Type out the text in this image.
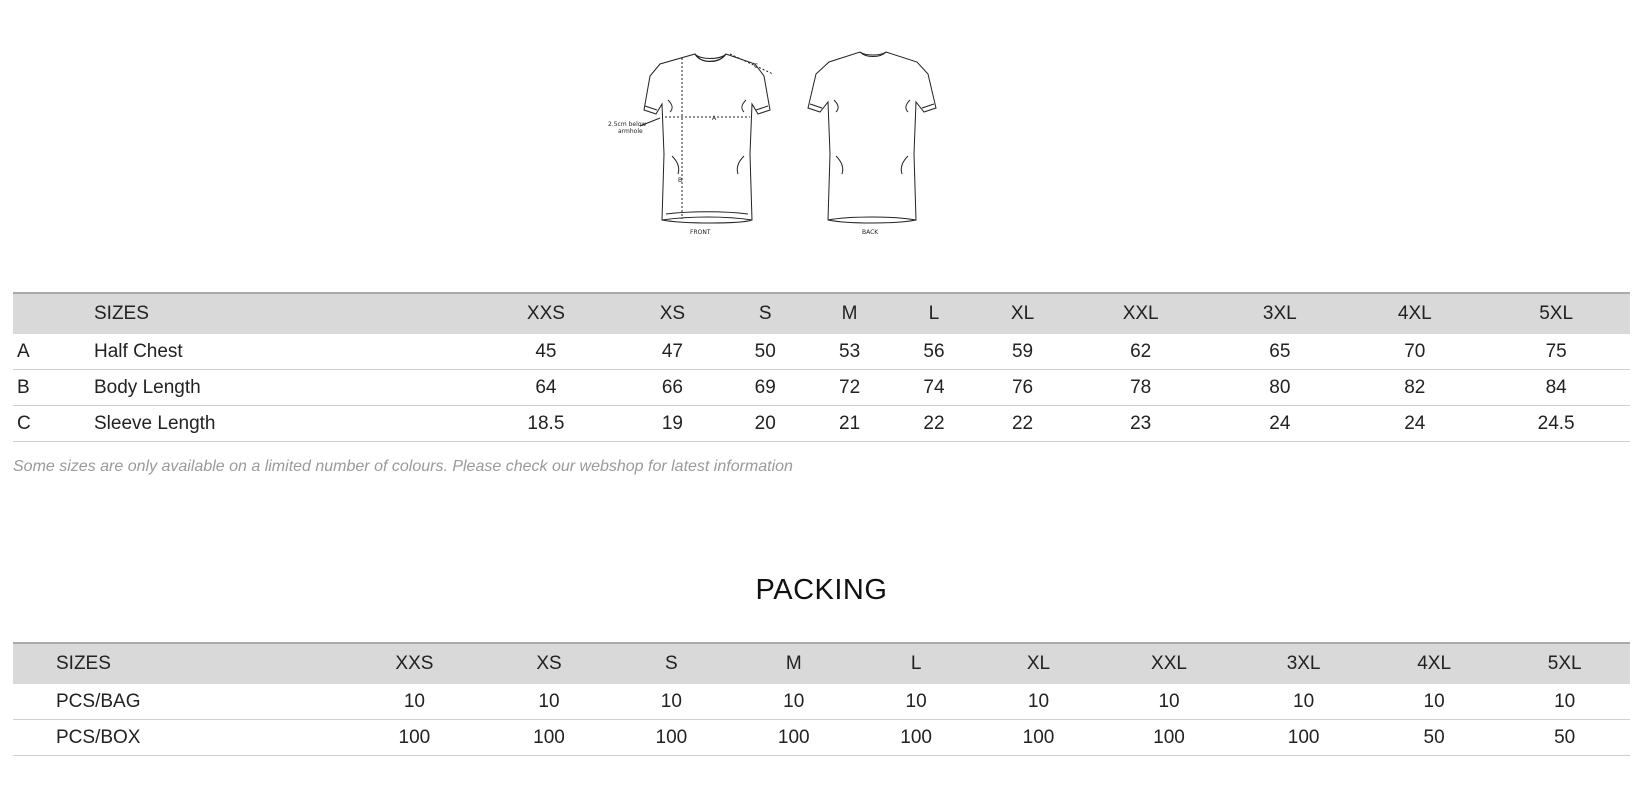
A
B
C
2.5cm below
armhole
FRONT	BACK
	SIZES	XXS	XS	S	M	L	XL	XXL	3XL	4XL	5XL
A	Half Chest	45	47	50	53	56	59	62	65	70	75
B	Body Length	64	66	69	72	74	76	78	80	82	84
C	Sleeve Length	18.5	19	20	21	22	22	23	24	24	24.5
Some sizes are only available on a limited number of colours. Please check our webshop for latest information
PACKING
SIZES	XXS	XS	S	M	L	XL	XXL	3XL	4XL	5XL
PCS/BAG	10	10	10	10	10	10	10	10	10	10
PCS/BOX	100	100	100	100	100	100	100	100	50	50
